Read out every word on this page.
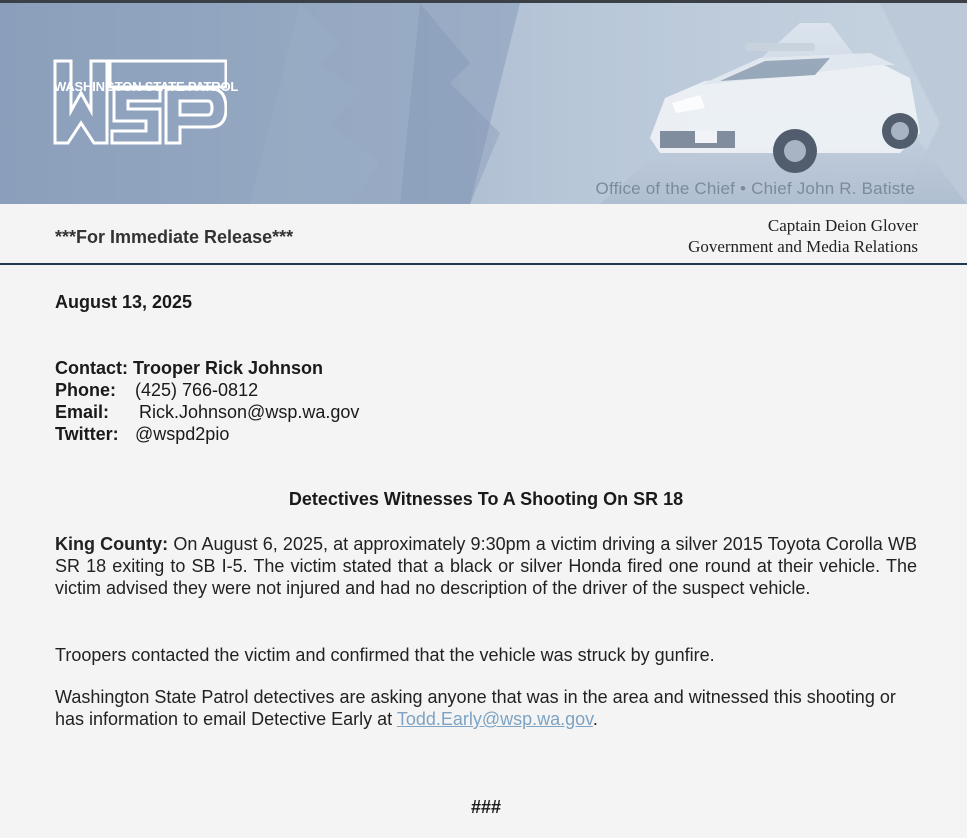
WASHINGTON STATE PATROL
Office of the Chief • Chief John R. Batiste
***For Immediate Release***
Captain Deion Glover
Government and Media Relations
August 13, 2025
Contact: Trooper Rick Johnson
Phone: (425) 766-0812
Email: Rick.Johnson@wsp.wa.gov
Twitter: @wspd2pio
Detectives Witnesses To A Shooting On SR 18
King County: On August 6, 2025, at approximately 9:30pm a victim driving a silver 2015 Toyota Corolla WB SR 18 exiting to SB I-5. The victim stated that a black or silver Honda fired one round at their vehicle. The victim advised they were not injured and had no description of the driver of the suspect vehicle.
Troopers contacted the victim and confirmed that the vehicle was struck by gunfire.
Washington State Patrol detectives are asking anyone that was in the area and witnessed this shooting or has information to email Detective Early at Todd.Early@wsp.wa.gov.
###
